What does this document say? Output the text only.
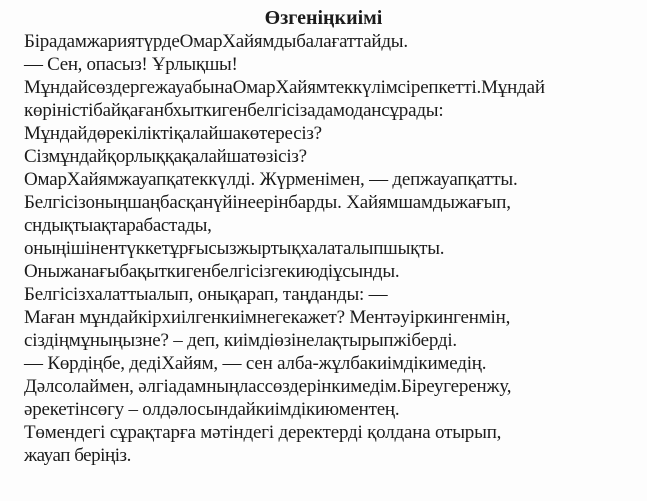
Өзгеніңкиімі
БірадамжариятүрдеОмарХайямдыбалағаттайды.
— Сен, опасыз! Ұрлықшы!
МұндайсөздергежауабынаОмарХайямтеккүлімсірепкетті.Мұндай
көріністібайқағанбхыткигенбелгісізадамодансұрады:
Мұндайдөрекіліктіқалайшакөтересіз?
Сізмұндайқорлыққақалайшатөзісіз?
ОмарХайямжауапқатеккүлді. Жүрменімен, — депжауапқатты.
Белгісізоныңшаңбасқанүйінеерінбарды. Хайямшамдыжағып,
сндықтыақтарабастады,
оныңішінентүккетұрғысызжыртықхалаталыпшықты.
Оныжанағыбақыткигенбелгісізгекиюдіұсынды.
Белгісізхалаттыалып, онықарап, таңданды: —
Маған мұндайкірхиілгенкиімнегекажет? Ментәуіркингенмін,
сіздіңмұныңызне? – деп, киімдіөзінелақтырыпжіберді.
— Көрдіңбе, дедіХайям, — сен алба-жұлбакиімдікимедің.
Дәлсолаймен, әлгіадамныңлассөздерінкимедім.Біреугеренжу,
әрекетінсөгу – олдәлосындайкиімдікиюментең.
Төмендегі сұрақтарға мәтіндегі деректерді қолдана отырып,
жауап беріңіз.
